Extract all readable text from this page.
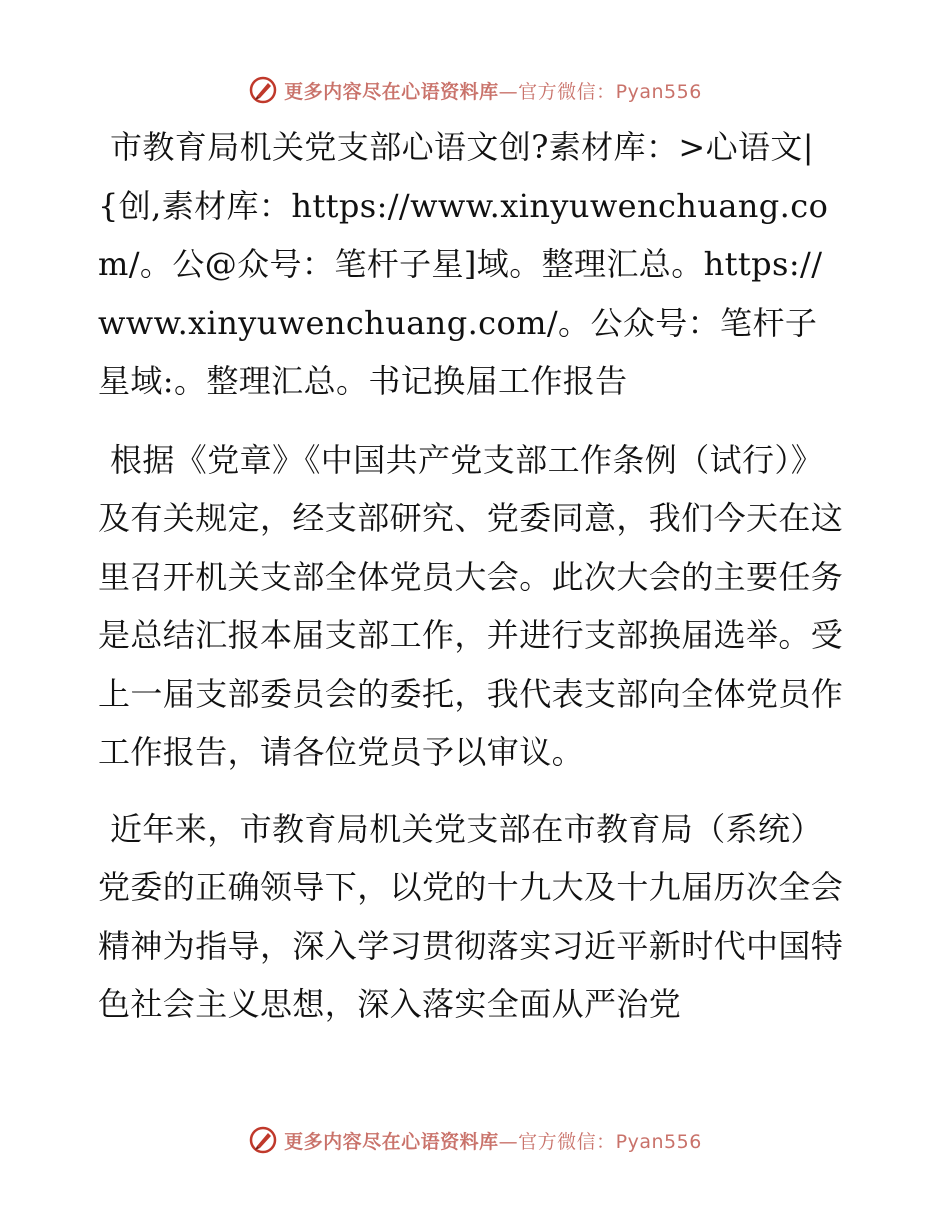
更多内容尽在心语资料库—官方微信：Pyan556

市教育局机关党支部心语文创?素材库：>心语文|{创,素材库：https://www.xinyuwenchuang.com/。公@众号：笔杆子星]域。整理汇总。https://www.xinyuwenchuang.com/。公众号：笔杆子星域:。整理汇总。书记换届工作报告

根据《党章》《中国共产党支部工作条例（试行）》及有关规定，经支部研究、党委同意，我们今天在这里召开机关支部全体党员大会。此次大会的主要任务是总结汇报本届支部工作，并进行支部换届选举。受上一届支部委员会的委托，我代表支部向全体党员作工作报告，请各位党员予以审议。

近年来，市教育局机关党支部在市教育局（系统）党委的正确领导下，以党的十九大及十九届历次全会精神为指导，深入学习贯彻落实习近平新时代中国特色社会主义思想，深入落实全面从严治党

更多内容尽在心语资料库—官方微信：Pyan556
